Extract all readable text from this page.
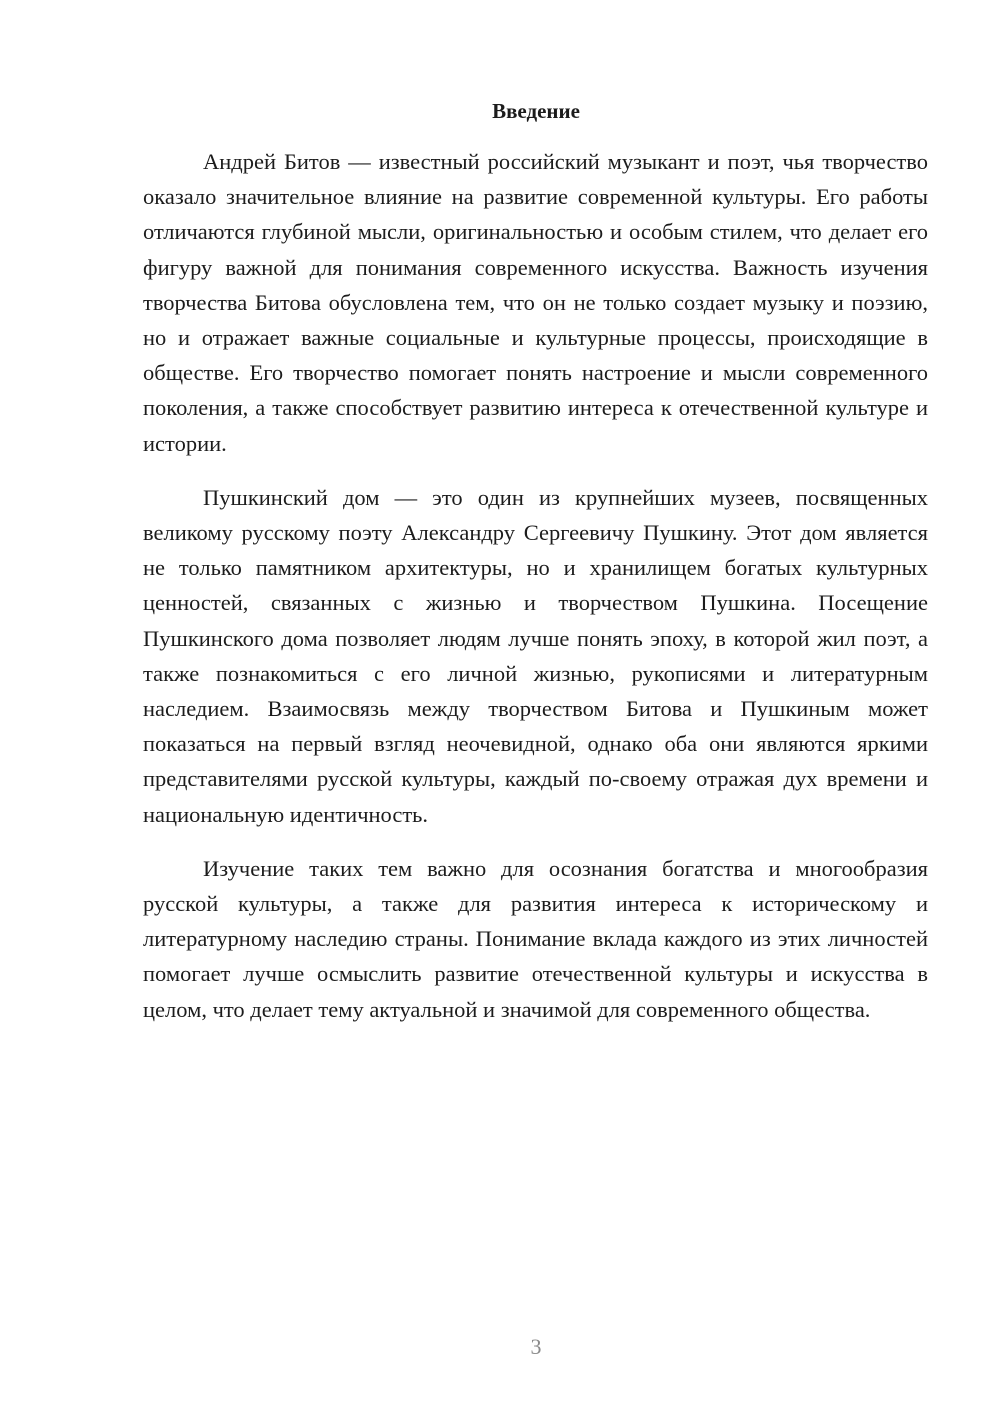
Введение

Андрей Битов — известный российский музыкант и поэт, чья творчество оказало значительное влияние на развитие современной культуры. Его работы отличаются глубиной мысли, оригинальностью и особым стилем, что делает его фигуру важной для понимания современного искусства. Важность изучения творчества Битова обусловлена тем, что он не только создает музыку и поэзию, но и отражает важные социальные и культурные процессы, происходящие в обществе. Его творчество помогает понять настроение и мысли современного поколения, а также способствует развитию интереса к отечественной культуре и истории.

Пушкинский дом — это один из крупнейших музеев, посвященных великому русскому поэту Александру Сергеевичу Пушкину. Этот дом является не только памятником архитектуры, но и хранилищем богатых культурных ценностей, связанных с жизнью и творчеством Пушкина. Посещение Пушкинского дома позволяет людям лучше понять эпоху, в которой жил поэт, а также познакомиться с его личной жизнью, рукописями и литературным наследием. Взаимосвязь между творчеством Битова и Пушкиным может показаться на первый взгляд неочевидной, однако оба они являются яркими представителями русской культуры, каждый по-своему отражая дух времени и национальную идентичность.

Изучение таких тем важно для осознания богатства и многообразия русской культуры, а также для развития интереса к историческому и литературному наследию страны. Понимание вклада каждого из этих личностей помогает лучше осмыслить развитие отечественной культуры и искусства в целом, что делает тему актуальной и значимой для современного общества.

3
